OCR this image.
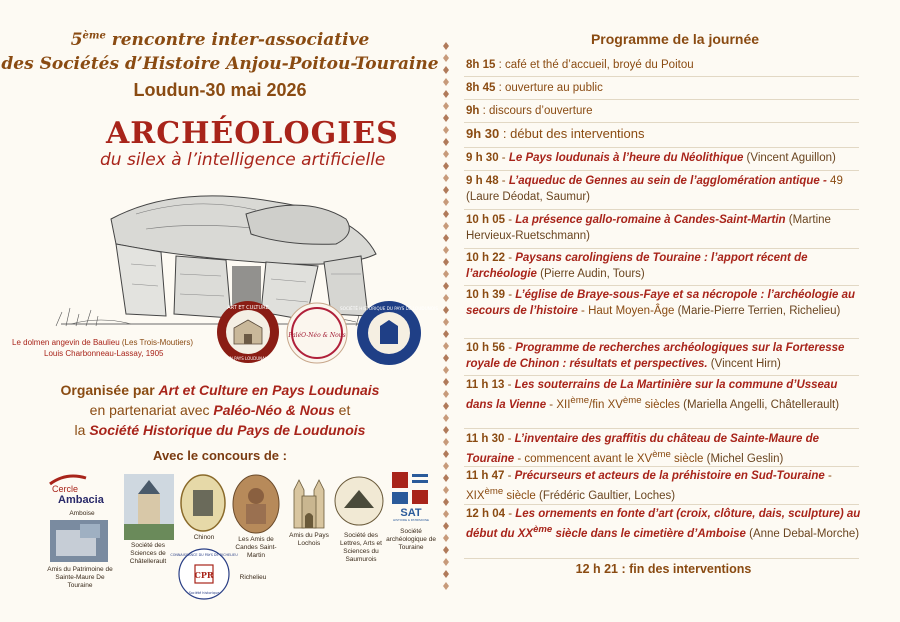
5ème rencontre inter-associative
des Sociétés d’Histoire Anjou-Poitou-Touraine
Loudun-30 mai 2026
ARCHÉOLOGIES
du silex à l’intelligence artificielle
Le dolmen angevin de Baulieu (Les Trois-Moutiers)
Louis Charbonneau-Lassay, 1905
ART ET CULTURE
EN PAYS LOUDUNAIS
PaléO-Néo & Nous
SOCIÉTÉ HISTORIQUE DU PAYS DE LOUDUNOIS
Organisée par Art et Culture en Pays Loudunais
en partenariat avec Paléo-Néo & Nous et
la Société Historique du Pays de Loudunois
Avec le concours de :
Cercle
Ambacia
Amboise
Amis du Patrimoine de Sainte-Maure De Touraine
Société des Sciences de Châtellerault
Chinon
CONNAISSANCE DU PAYS DE RICHELIEU
CPR
Société historique
Les Amis de Candes Saint-Martin
Richelieu
Amis du Pays Lochois
Société des Lettres, Arts et Sciences du Saumurois
SAT
HISTOIRE & PATRIMOINE
Société archéologique de Touraine
Programme de la journée
8h 15 : café et thé d’accueil, broyé du Poitou
8h 45 : ouverture au public
9h : discours d’ouverture
9h 30 : début des interventions
9 h 30 - Le Pays loudunais à l’heure du Néolithique (Vincent Aguillon)
9 h 48 - L’aqueduc de Gennes au sein de l’agglomération antique - 49 (Laure Déodat, Saumur)
10 h 05 - La présence gallo-romaine à Candes-Saint-Martin (Martine Hervieux-Ruetschmann)
10 h 22 - Paysans carolingiens de Touraine : l’apport récent de l’archéologie (Pierre Audin, Tours)
10 h 39 - L’église de Braye-sous-Faye et sa nécropole : l’archéologie au secours de l’histoire - Haut Moyen-Âge (Marie-Pierre Terrien, Richelieu)
10 h 56 - Programme de recherches archéologiques sur la Forteresse royale de Chinon : résultats et perspectives. (Vincent Hirn)
11 h 13 - Les souterrains de La Martinière sur la commune d’Usseau dans la Vienne - XIIème/fin XVème siècles (Mariella Angelli, Châtellerault)
11 h 30 - L’inventaire des graffitis du château de Sainte-Maure de Touraine - commencent avant le XVème siècle (Michel Geslin)
11 h 47 - Précurseurs et acteurs de la préhistoire en Sud-Touraine - XIXème siècle (Frédéric Gaultier, Loches)
12 h 04 - Les ornements en fonte d’art (croix, clôture, dais, sculpture) au début du XXème siècle dans le cimetière d’Amboise (Anne Debal-Morche)
12 h 21 : fin des interventions
